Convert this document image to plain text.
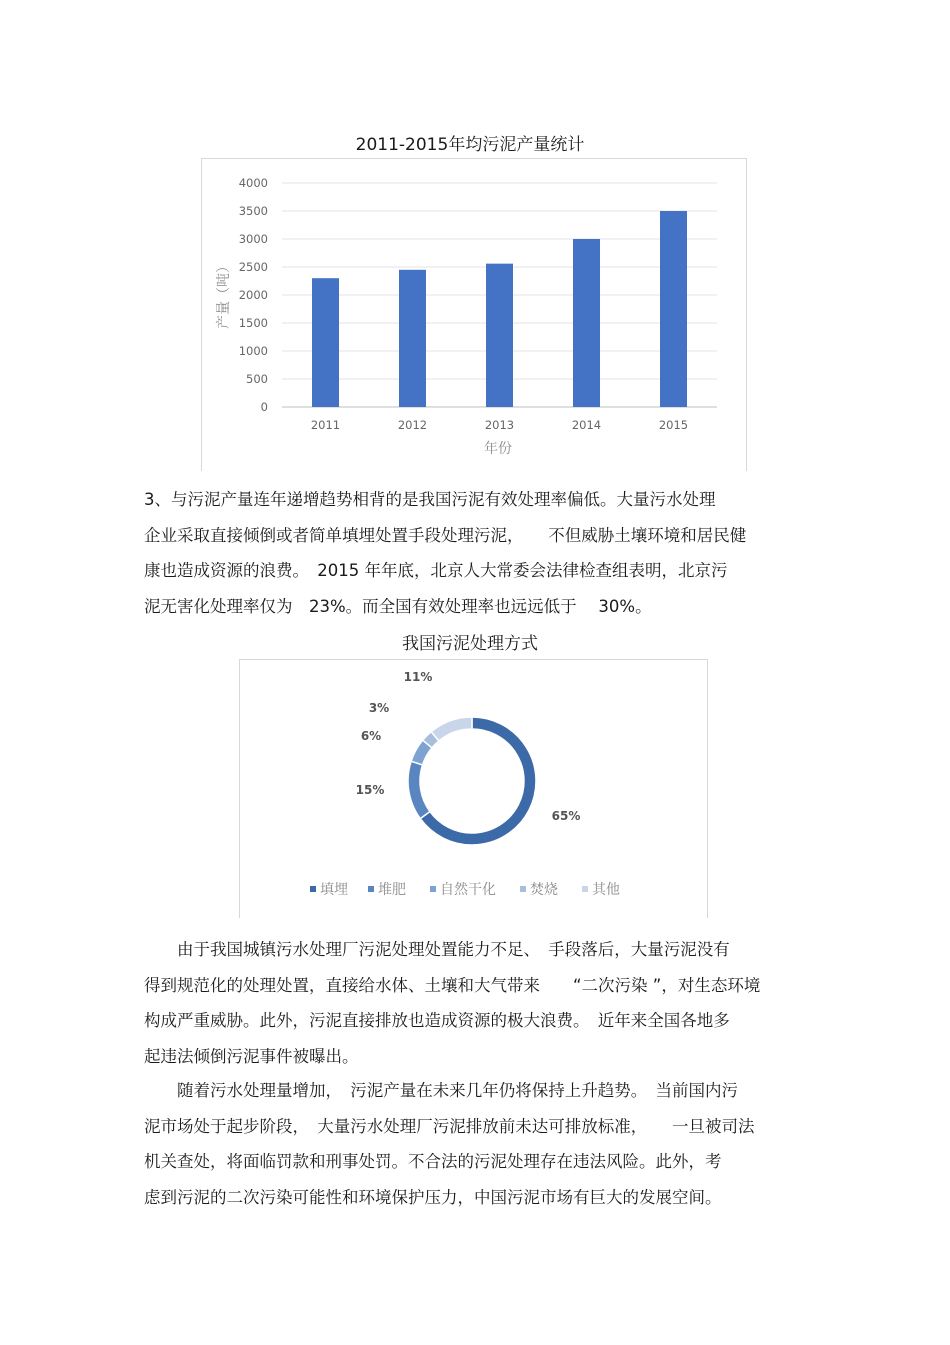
2011-2015年均污泥产量统计
0
500
1000
1500
2000
2500
3000
3500
4000
2011	2012	2013	2014	2015
年份
产量（吨）
3、与污泥产量连年递增趋势相背的是我国污泥有效处理率偏低。大量污水处理
企业采取直接倾倒或者简单填埋处置手段处理污泥，　　不但威胁土壤环境和居民健
康也造成资源的浪费。　2015 年年底，北京人大常委会法律检查组表明，北京污
泥无害化处理率仅为　23%。而全国有效处理率也远远低于　 30%。
我国污泥处理方式
65%
15%
6%
3%
11%
填埋 堆肥 自然干化 焚烧 其他
　　由于我国城镇污水处理厂污泥处理处置能力不足、　手段落后，大量污泥没有
得到规范化的处理处置，直接给水体、土壤和大气带来　　“二次污染 ”，对生态环境
构成严重威胁。此外，污泥直接排放也造成资源的极大浪费。　近年来全国各地多
起违法倾倒污泥事件被曝出。
　　随着污水处理量增加，　污泥产量在未来几年仍将保持上升趋势。　当前国内污
泥市场处于起步阶段，　大量污水处理厂污泥排放前未达可排放标准，　　一旦被司法
机关查处，将面临罚款和刑事处罚。不合法的污泥处理存在违法风险。此外，考
虑到污泥的二次污染可能性和环境保护压力，中国污泥市场有巨大的发展空间。
